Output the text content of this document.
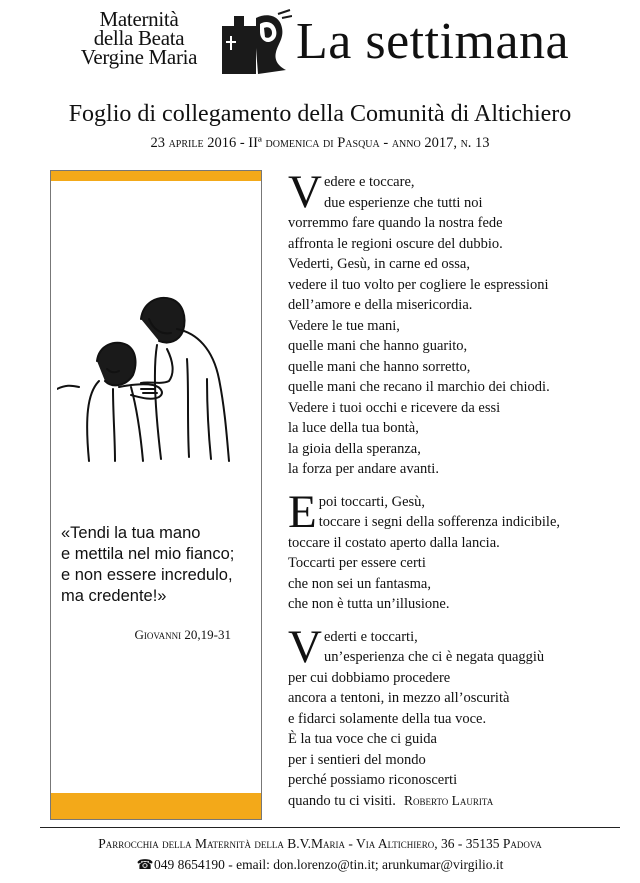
Maternità
della Beata
Vergine Maria	La settimana
Foglio di collegamento della Comunità di Altichiero
23 aprile 2016 - IIª domenica di Pasqua - anno 2017, n. 13
«Tendi la tua mano
e mettila nel mio fianco;
e non essere incredulo,
ma credente!»
Giovanni 20,19-31
V edere e toccare,
due esperienze che tutti noi
vorremmo fare quando la nostra fede
affronta le regioni oscure del dubbio.
Vederti, Gesù, in carne ed ossa,
vedere il tuo volto per cogliere le espressioni
dell’amore e della misericordia.
Vedere le tue mani,
quelle mani che hanno guarito,
quelle mani che hanno sorretto,
quelle mani che recano il marchio dei chiodi.
Vedere i tuoi occhi e ricevere da essi
la luce della tua bontà,
la gioia della speranza,
la forza per andare avanti.
E poi toccarti, Gesù,
toccare i segni della sofferenza indicibile,
toccare il costato aperto dalla lancia.
Toccarti per essere certi
che non sei un fantasma,
che non è tutta un’illusione.
V ederti e toccarti,
un’esperienza che ci è negata quaggiù
per cui dobbiamo procedere
ancora a tentoni, in mezzo all’oscurità
e fidarci solamente della tua voce.
È la tua voce che ci guida
per i sentieri del mondo
perché possiamo riconoscerti
quando tu ci visiti. Roberto Laurita
Parrocchia della Maternità della B.V.Maria - Via Altichiero, 36 - 35135 Padova
☎ 049 8654190 - email: don.lorenzo@tin.it; arunkumar@virgilio.it
